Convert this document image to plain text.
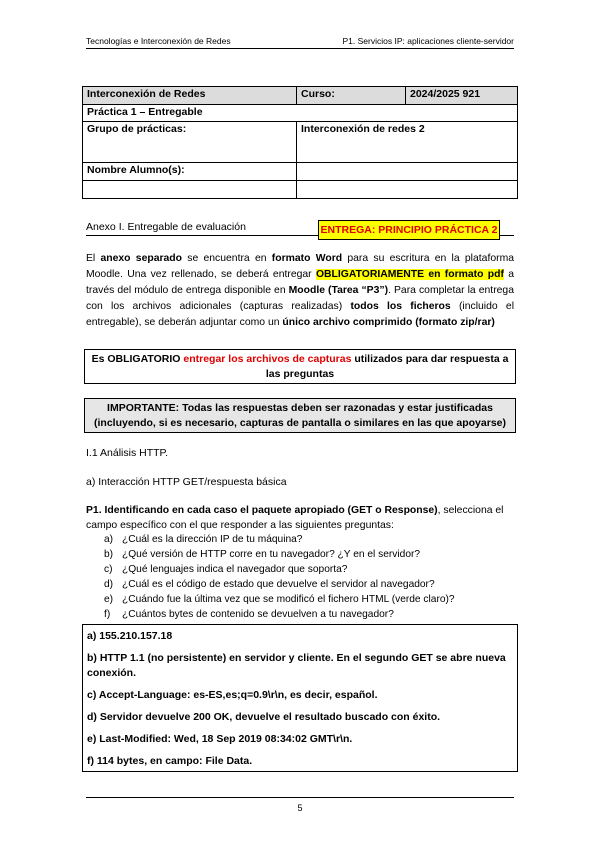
Tecnologías e Interconexión de Redes	P1. Servicios IP: aplicaciones cliente-servidor
Interconexión de Redes	Curso:	2024/2025 921
Práctica 1 – Entregable		
Grupo de prácticas:	Interconexión de redes 2	
Nombre Alumno(s):		

Anexo I. Entregable de evaluación	ENTREGA: PRINCIPIO PRÁCTICA 2
El anexo separado se encuentra en formato Word para su escritura en la plataforma Moodle. Una vez rellenado, se deberá entregar OBLIGATORIAMENTE en formato pdf a través del módulo de entrega disponible en Moodle (Tarea “P3”). Para completar la entrega con los archivos adicionales (capturas realizadas) todos los ficheros (incluido el entregable), se deberán adjuntar como un único archivo comprimido (formato zip/rar)
Es OBLIGATORIO entregar los archivos de capturas utilizados para dar respuesta a las preguntas
IMPORTANTE: Todas las respuestas deben ser razonadas y estar justificadas (incluyendo, si es necesario, capturas de pantalla o similares en las que apoyarse)
I.1 Análisis HTTP.
a) Interacción HTTP GET/respuesta básica
P1. Identificando en cada caso el paquete apropiado (GET o Response), selecciona el campo específico con el que responder a las siguientes preguntas:
a) ¿Cuál es la dirección IP de tu máquina?
b) ¿Qué versión de HTTP corre en tu navegador? ¿Y en el servidor?
c) ¿Qué lenguajes indica el navegador que soporta?
d) ¿Cuál es el código de estado que devuelve el servidor al navegador?
e) ¿Cuándo fue la última vez que se modificó el fichero HTML (verde claro)?
f)	¿Cuántos bytes de contenido se devuelven a tu navegador?
a) 155.210.157.18
b) HTTP 1.1 (no persistente) en servidor y cliente. En el segundo GET se abre nueva conexión.
c) Accept-Language: es-ES,es;q=0.9\r\n, es decir, español.
d) Servidor devuelve 200 OK, devuelve el resultado buscado con éxito.
e) Last-Modified: Wed, 18 Sep 2019 08:34:02 GMT\r\n.
f) 114 bytes, en campo: File Data.
5
